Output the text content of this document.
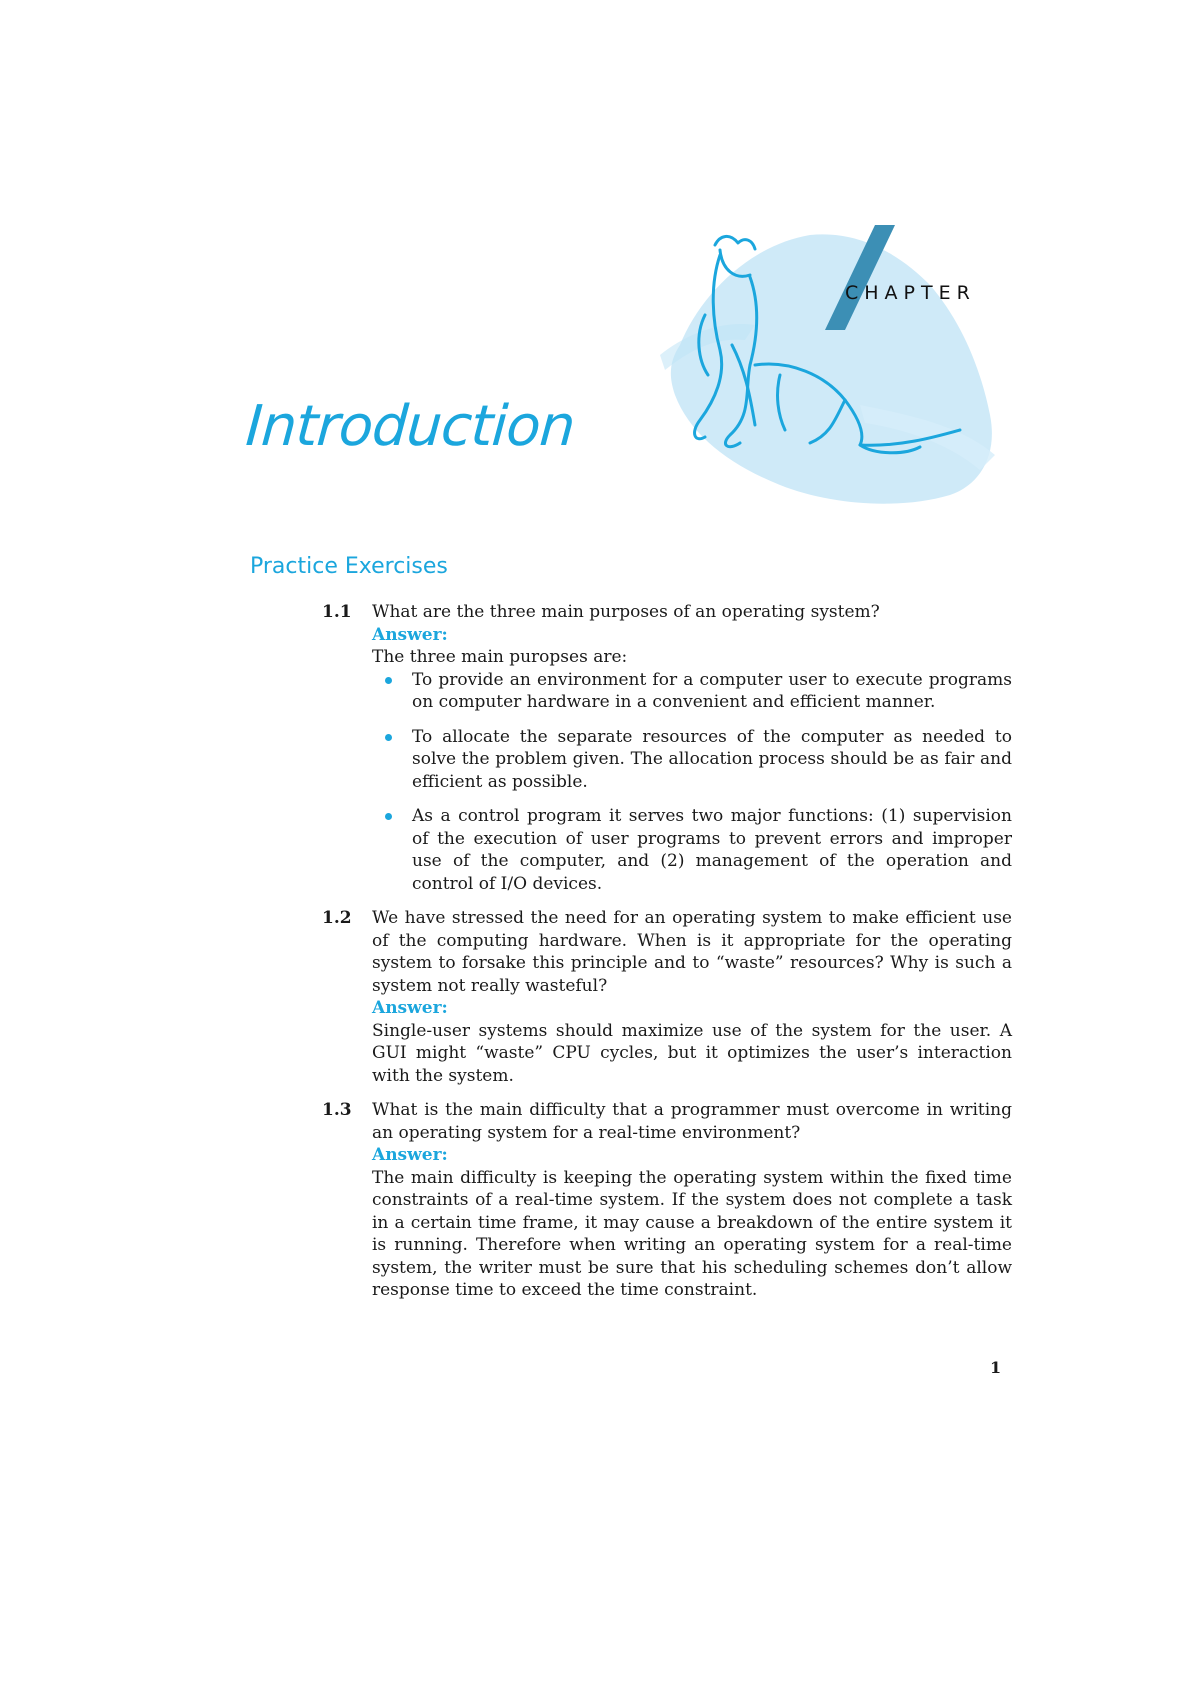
CHAPTER
Introduction
Practice Exercises
1.1 What are the three main purposes of an operating system?

Answer:

The three main puropses are:

To provide an environment for a computer user to execute programs on computer hardware in a convenient and efficient manner.
To allocate the separate resources of the computer as needed to solve the problem given. The allocation process should be as fair and efficient as possible.
As a control program it serves two major functions: (1) supervision of the execution of user programs to prevent errors and improper use of the computer, and (2) management of the operation and control of I/O devices.
1.2 We have stressed the need for an operating system to make efficient use of the computing hardware. When is it appropriate for the operating system to forsake this principle and to “waste” resources? Why is such a system not really wasteful?

Answer:

Single-user systems should maximize use of the system for the user. A GUI might “waste” CPU cycles, but it optimizes the user’s interaction with the system.

1.3 What is the main difficulty that a programmer must overcome in writing an operating system for a real-time environment?

Answer:

The main difficulty is keeping the operating system within the fixed time constraints of a real-time system. If the system does not complete a task in a certain time frame, it may cause a breakdown of the entire system it is running. Therefore when writing an operating system for a real-time system, the writer must be sure that his scheduling schemes don’t allow response time to exceed the time constraint.

1
